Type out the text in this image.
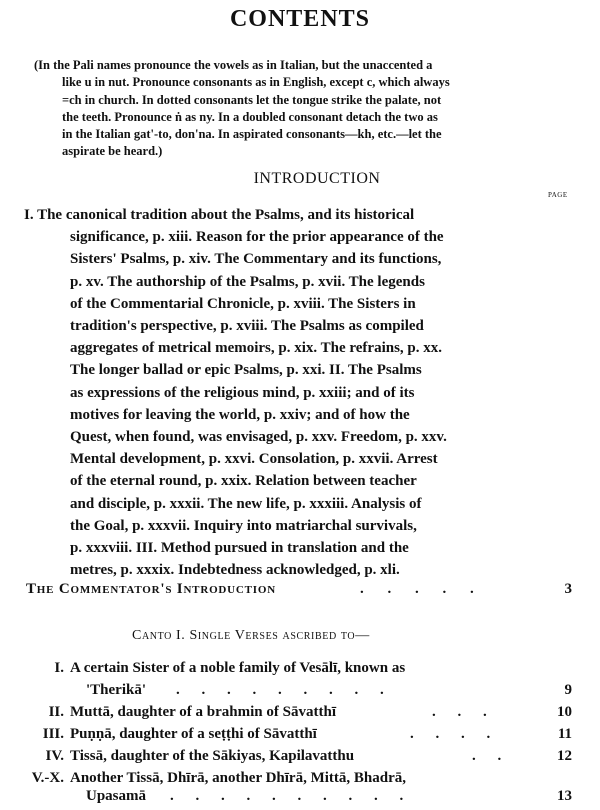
CONTENTS
(In the Pali names pronounce the vowels as in Italian, but the unaccented a
like u in nut. Pronounce consonants as in English, except c, which always
=ch in church. In dotted consonants let the tongue strike the palate, not
the teeth. Pronounce ṅ as ny. In a doubled consonant detach the two as
in the Italian gat'-to, don'na. In aspirated consonants—kh, etc.—let the
aspirate be heard.)
INTRODUCTION
PAGE
I. The canonical tradition about the Psalms, and its historical
significance, p. xiii. Reason for the prior appearance of the
Sisters' Psalms, p. xiv. The Commentary and its functions,
p. xv. The authorship of the Psalms, p. xvii. The legends
of the Commentarial Chronicle, p. xviii. The Sisters in
tradition's perspective, p. xviii. The Psalms as compiled
aggregates of metrical memoirs, p. xix. The refrains, p. xx.
The longer ballad or epic Psalms, p. xxi. II. The Psalms
as expressions of the religious mind, p. xxiii; and of its
motives for leaving the world, p. xxiv; and of how the
Quest, when found, was envisaged, p. xxv. Freedom, p. xxv.
Mental development, p. xxvi. Consolation, p. xxvii. Arrest
of the eternal round, p. xxix. Relation between teacher
and disciple, p. xxxii. The new life, p. xxxiii. Analysis of
the Goal, p. xxxvii. Inquiry into matriarchal survivals,
p. xxxviii. III. Method pursued in translation and the
metres, p. xxxix. Indebtedness acknowledged, p. xli.
The Commentator's Introduction	. . . . .	3
Canto I. Single Verses ascribed to—
I. A certain Sister of a noble family of Vesālī, known as
'Therikā' . . . . . . . . .	9
II. Muttā, daughter of a brahmin of Sāvatthī	. . .	10
III. Puṇṇā, daughter of a seṭṭhi of Sāvatthī	. . . .	11
IV. Tissā, daughter of the Sākiyas, Kapilavatthu	. .	12
V.-X. Another Tissā, Dhīrā, another Dhīrā, Mittā, Bhadrā,
Upasamā . . . . . . . . . .	13
